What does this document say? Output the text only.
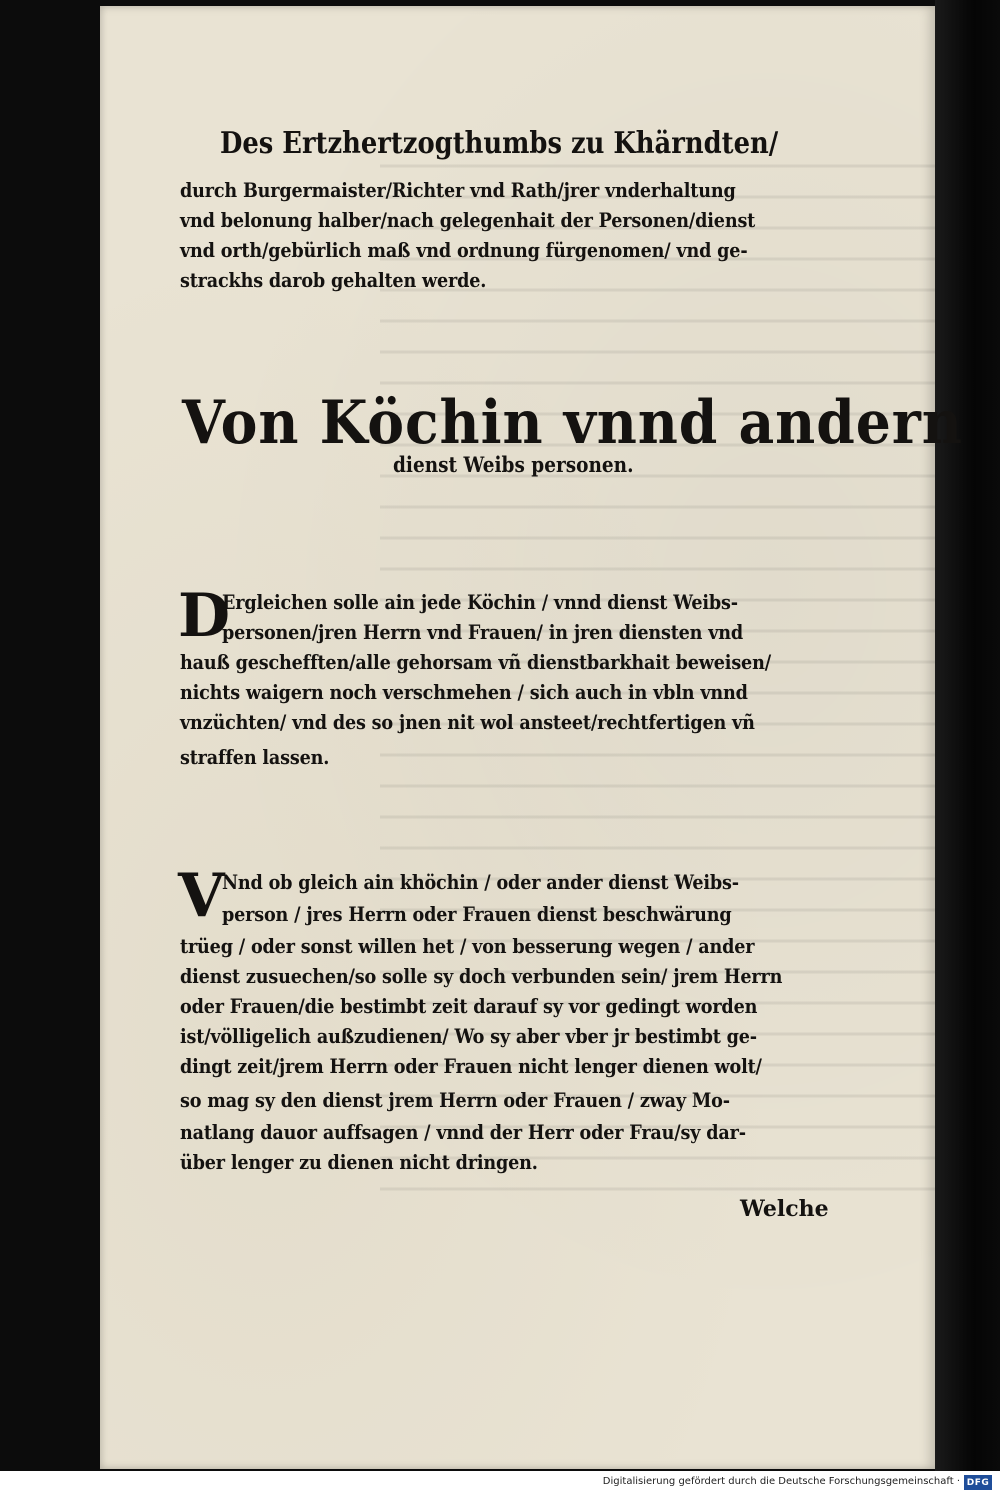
Des Ertzhertzogthumbs zu Khärndten/
durch Burgermaister/Richter vnd Rath/jrer vnderhaltung
vnd belonung halber/nach gelegenhait der Personen/dienst
vnd orth/gebürlich maß vnd ordnung fürgenomen/ vnd ge-
strackhs darob gehalten werde.
Von Köchin vnnd andern
dienst Weibs personen.
D
Ergleichen solle ain jede Köchin / vnnd dienst Weibs-
personen/jren Herrn vnd Frauen/ in jren diensten vnd
hauß geschefften/alle gehorsam vñ dienstbarkhait beweisen/
nichts waigern noch verschmehen / sich auch in vbln vnnd
vnzüchten/ vnd des so jnen nit wol ansteet/rechtfertigen vñ
straffen lassen.
V
Nnd ob gleich ain khöchin / oder ander dienst Weibs-
person / jres Herrn oder Frauen dienst beschwärung
trüeg / oder sonst willen het / von besserung wegen / ander
dienst zusuechen/so solle sy doch verbunden sein/ jrem Herrn
oder Frauen/die bestimbt zeit darauf sy vor gedingt worden
ist/völligelich außzudienen/ Wo sy aber vber jr bestimbt ge-
dingt zeit/jrem Herrn oder Frauen nicht lenger dienen wolt/
so mag sy den dienst jrem Herrn oder Frauen / zway Mo-
natlang dauor auffsagen / vnnd der Herr oder Frau/sy dar-
über lenger zu dienen nicht dringen.
Welche
Digitalisierung gefördert durch die Deutsche Forschungsgemeinschaft · DFG
